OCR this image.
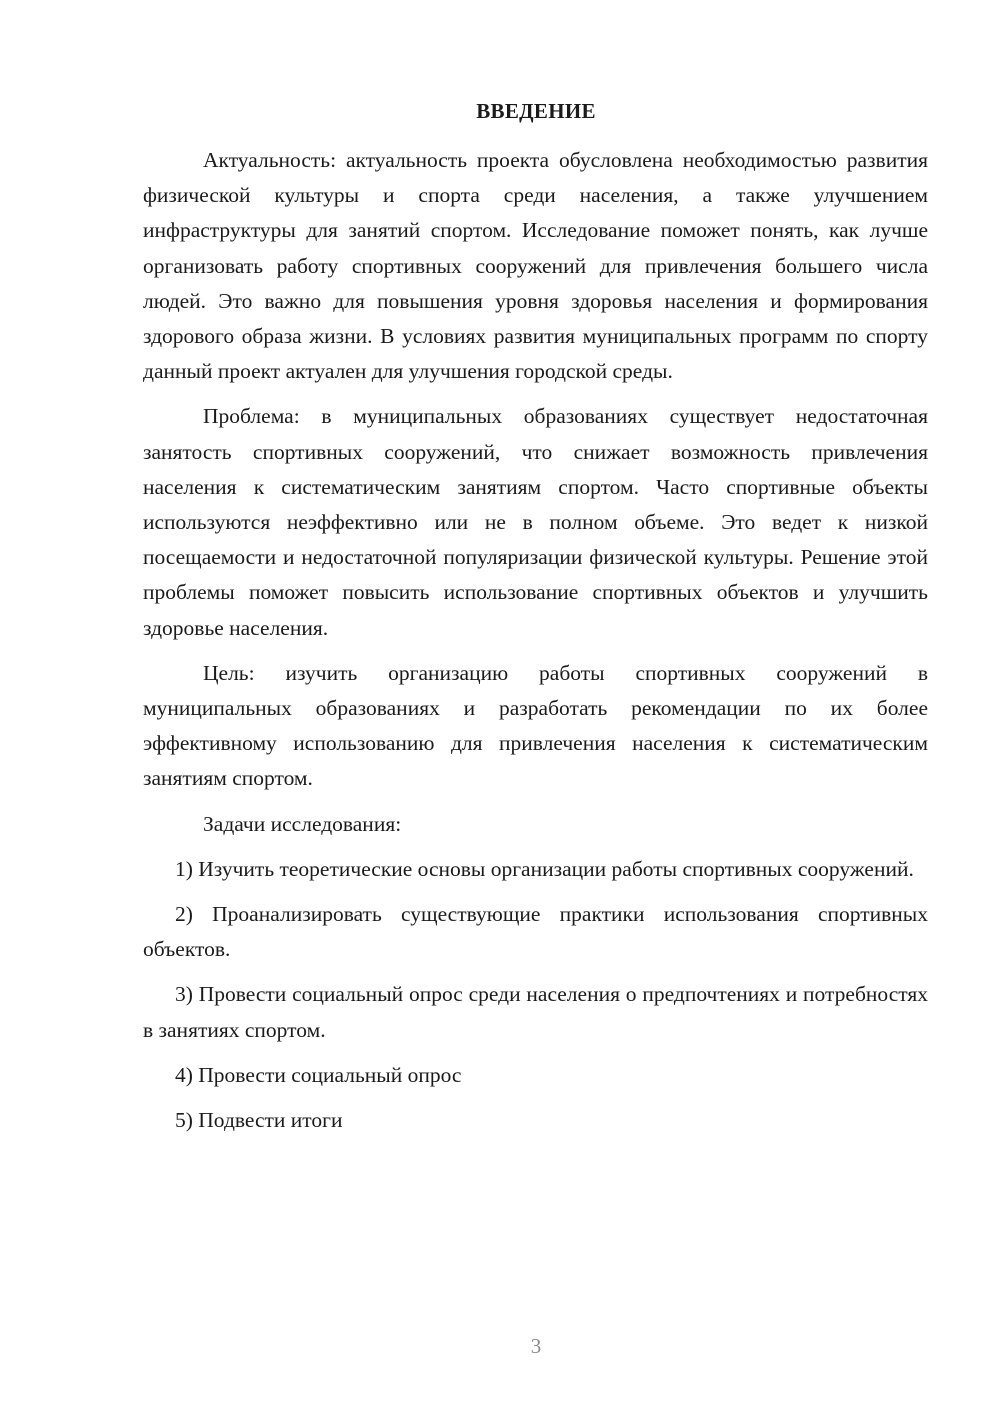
ВВЕДЕНИЕ

Актуальность: актуальность проекта обусловлена необходимостью развития физической культуры и спорта среди населения, а также улучшением инфраструктуры для занятий спортом. Исследование поможет понять, как лучше организовать работу спортивных сооружений для привлечения большего числа людей. Это важно для повышения уровня здоровья населения и формирования здорового образа жизни. В условиях развития муниципальных программ по спорту данный проект актуален для улучшения городской среды.

Проблема: в муниципальных образованиях существует недостаточная занятость спортивных сооружений, что снижает возможность привлечения населения к систематическим занятиям спортом. Часто спортивные объекты используются неэффективно или не в полном объеме. Это ведет к низкой посещаемости и недостаточной популяризации физической культуры. Решение этой проблемы поможет повысить использование спортивных объектов и улучшить здоровье населения.

Цель: изучить организацию работы спортивных сооружений в муниципальных образованиях и разработать рекомендации по их более эффективному использованию для привлечения населения к систематическим занятиям спортом.

Задачи исследования:

1) Изучить теоретические основы организации работы спортивных сооружений.

2) Проанализировать существующие практики использования спортивных объектов.

3) Провести социальный опрос среди населения о предпочтениях и потребностях в занятиях спортом.

4) Провести социальный опрос

5) Подвести итоги

3
